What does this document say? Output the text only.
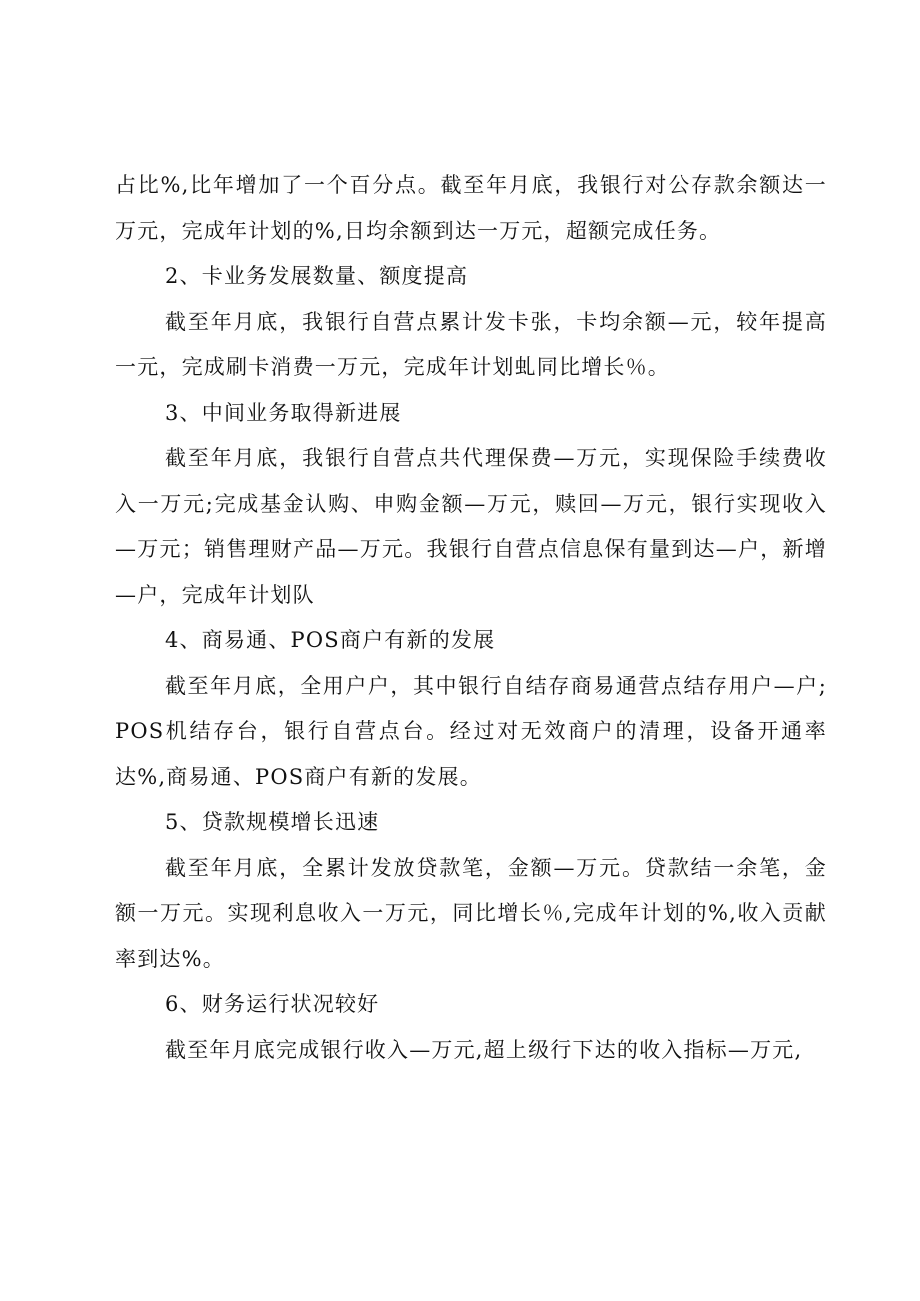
占比%,比年增加了一个百分点。截至年月底，我银行对公存款余额达一万元，完成年计划的%,日均余额到达一万元，超额完成任务。

2、卡业务发展数量、额度提高

截至年月底，我银行自营点累计发卡张，卡均余额—元，较年提高一元，完成刷卡消费一万元，完成年计划虬同比增长％。

3、中间业务取得新进展

截至年月底，我银行自营点共代理保费—万元，实现保险手续费收入一万元;完成基金认购、申购金额—万元，赎回—万元，银行实现收入—万元；销售理财产品—万元。我银行自营点信息保有量到达—户，新增—户，完成年计划队

4、商易通、POS商户有新的发展

截至年月底，全用户户，其中银行自结存商易通营点结存用户—户;POS机结存台，银行自营点台。经过对无效商户的清理，设备开通率达%,商易通、POS商户有新的发展。

5、贷款规模增长迅速

截至年月底，全累计发放贷款笔，金额—万元。贷款结一余笔，金额一万元。实现利息收入一万元，同比增长％,完成年计划的%,收入贡献率到达%。

6、财务运行状况较好

截至年月底完成银行收入—万元,超上级行下达的收入指标—万元,
